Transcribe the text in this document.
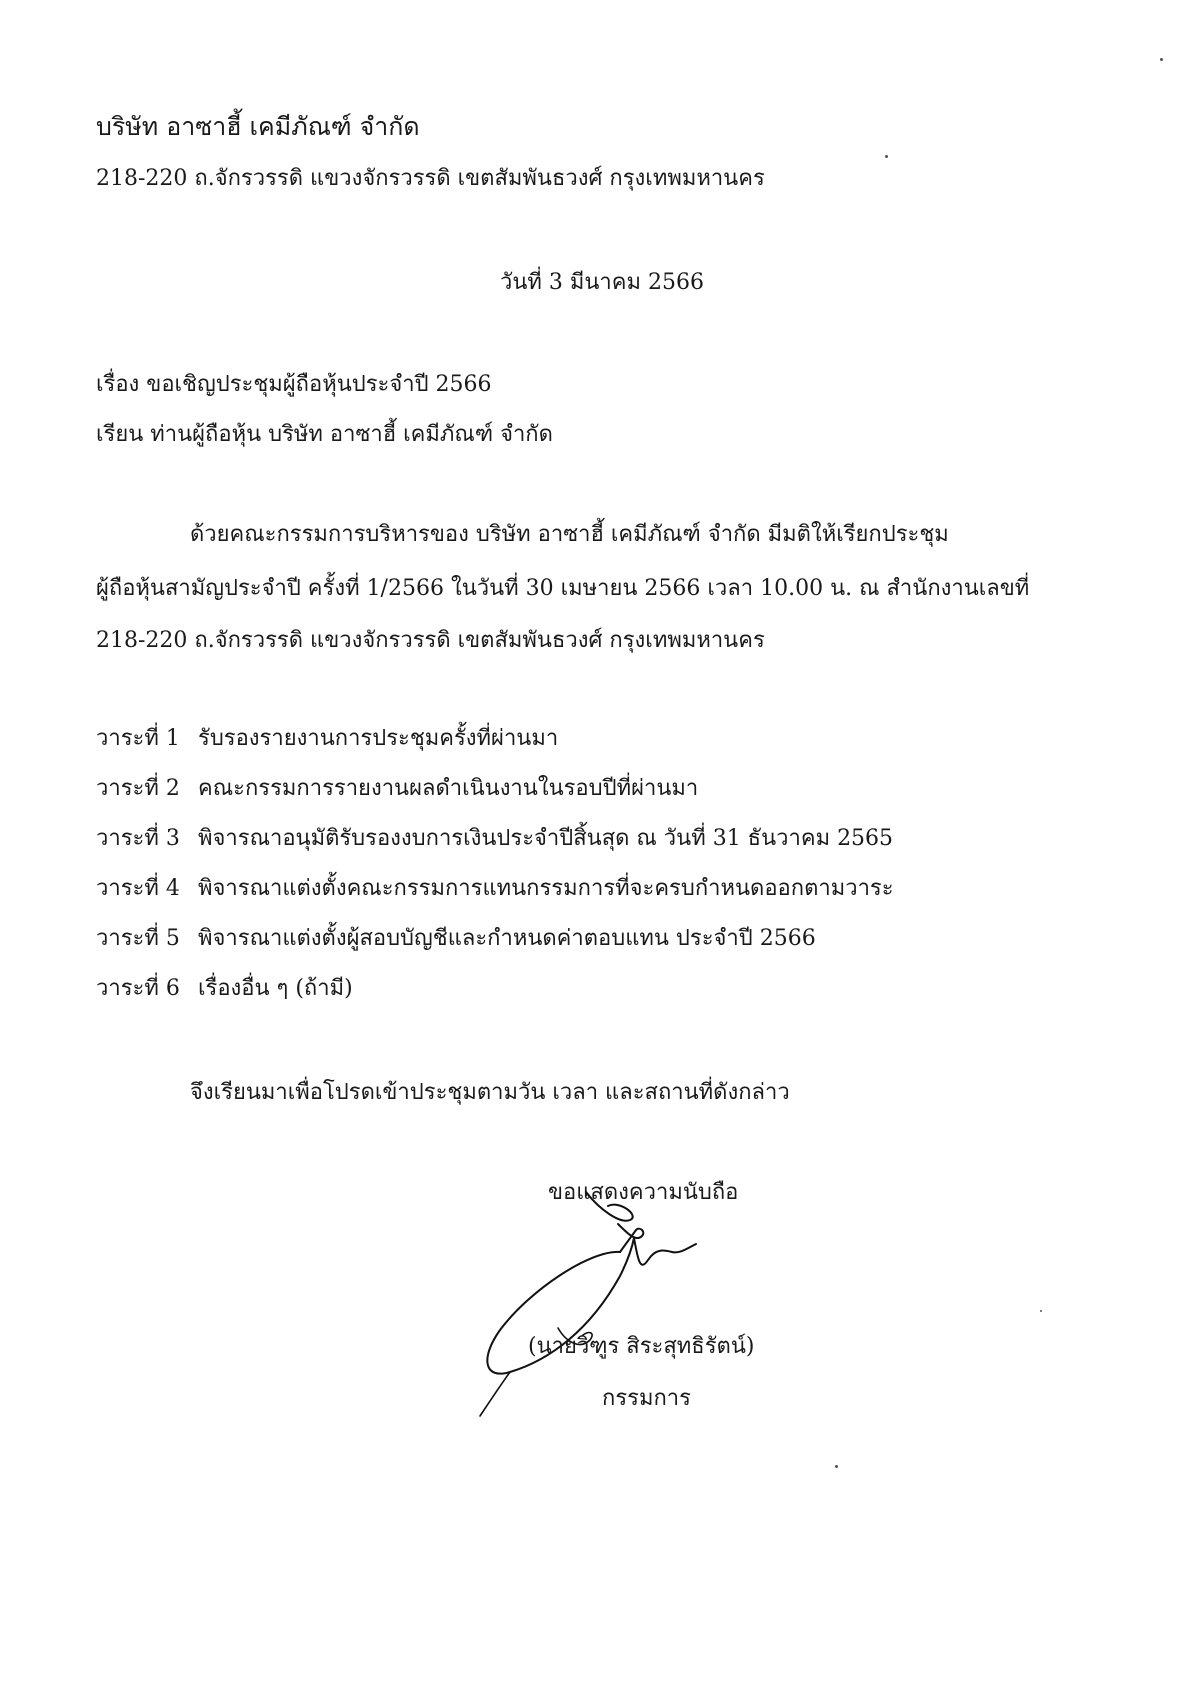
บริษัท อาซาฮี้ เคมีภัณฑ์ จำกัด
218-220 ถ.จักรวรรดิ แขวงจักรวรรดิ เขตสัมพันธวงศ์ กรุงเทพมหานคร
วันที่ 3 มีนาคม 2566
เรื่อง ขอเชิญประชุมผู้ถือหุ้นประจำปี 2566
เรียน ท่านผู้ถือหุ้น บริษัท อาซาฮี้ เคมีภัณฑ์ จำกัด
ด้วยคณะกรรมการบริหารของ บริษัท อาซาฮี้ เคมีภัณฑ์ จำกัด มีมติให้เรียกประชุม
ผู้ถือหุ้นสามัญประจำปี ครั้งที่ 1/2566 ในวันที่ 30 เมษายน 2566 เวลา 10.00 น. ณ สำนักงานเลขที่
218-220 ถ.จักรวรรดิ แขวงจักรวรรดิ เขตสัมพันธวงศ์ กรุงเทพมหานคร
วาระที่ 1 รับรองรายงานการประชุมครั้งที่ผ่านมา
วาระที่ 2 คณะกรรมการรายงานผลดำเนินงานในรอบปีที่ผ่านมา
วาระที่ 3 พิจารณาอนุมัติรับรองงบการเงินประจำปีสิ้นสุด ณ วันที่ 31 ธันวาคม 2565
วาระที่ 4 พิจารณาแต่งตั้งคณะกรรมการแทนกรรมการที่จะครบกำหนดออกตามวาระ
วาระที่ 5 พิจารณาแต่งตั้งผู้สอบบัญชีและกำหนดค่าตอบแทน ประจำปี 2566
วาระที่ 6 เรื่องอื่น ๆ (ถ้ามี)
จึงเรียนมาเพื่อโปรดเข้าประชุมตามวัน เวลา และสถานที่ดังกล่าว
ขอแสดงความนับถือ
(นายวิฑูร สิระสุทธิรัตน์)
กรรมการ
